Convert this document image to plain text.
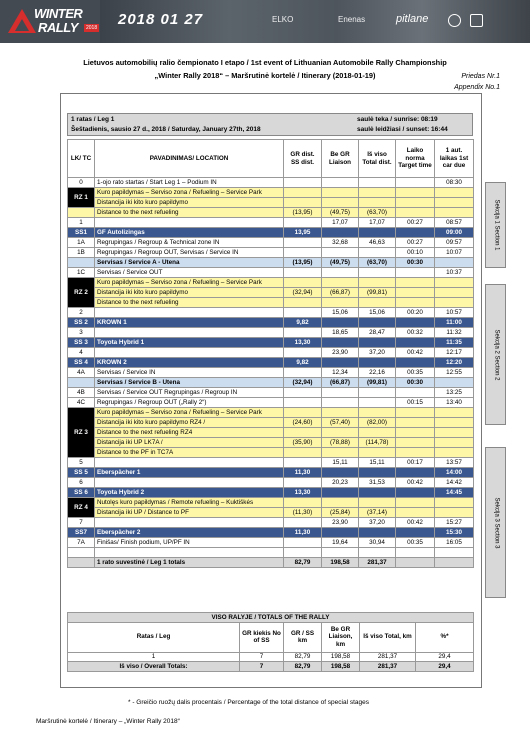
WINTER
RALLY	2018 2018 01 27	ELKO	Enenas	pitlane
Lietuvos automobilių ralio čempionato I etapo / 1st event of Lithuanian Automobile Rally Championship
„Winter Rally 2018“ – Maršrutinė kortelė / Itinerary (2018-01-19)	Priedas Nr.1
Appendix No.1
1 ratas / Leg 1
Šeštadienis, sausio 27 d., 2018 / Saturday, January 27th, 2018
saulė teka / sunrise: 08:19
saulė leidžiasi / sunset: 16:44
LK/ TC	PAVADINIMAS/ LOCATION	GR dist. SS dist.	Be GR Liaison	Iš viso Total dist.	Laiko norma Target time	1 aut. laikas 1st car due
0	1-ojo rato startas / Start Leg 1 – Podium IN					08:30
RZ 1	Kuro papildymas – Serviso zona / Refueling – Service Park					
	Distancija iki kito kuro papildymo					
	Distance to the next refueling	(13,95)	(49,75)	(63,70)		
1			17,07	17,07	00:27	08:57
SS1	GF Autolizingas	13,95				09:00
1A	Regrupingas / Regroup & Technical zone IN		32,68	46,63	00:27	09:57
1B	Regrupingas / Regroup OUT, Servisas / Service IN				00:10	10:07
	Servisas / Service A - Utena	(13,95)	(49,75)	(63,70)	00:30	
1C	Servisas / Service OUT					10:37
RZ 2	Kuro papildymas – Serviso zona / Refueling – Service Park					
	Distancija iki kito kuro papildymo	(32,94)	(66,87)	(99,81)		
	Distance to the next refueling					
2			15,06	15,06	00:20	10:57
SS 2	KROWN 1	9,82				11:00
3			18,65	28,47	00:32	11:32
SS 3	Toyota Hybrid 1	13,30				11:35
4			23,90	37,20	00:42	12:17
SS 4	KROWN 2	9,82				12:20
4A	Servisas / Service IN		12,34	22,16	00:35	12:55
	Servisas / Service B - Utena	(32,94)	(66,87)	(99,81)	00:30	
4B	Servisas / Service OUT Regrupingas / Regroup IN					13:25
4C	Regrupingas / Regroup OUT („Rally 2“)				00:15	13:40
RZ 3	Kuro papildymas – Serviso zona / Refueling – Service Park					
	Distancija iki kito kuro papildymo RZ4 /	(24,60)	(57,40)	(82,00)		
	Distance to the next refueling RZ4					
	Distancija iki UP LK7A /	(35,90)	(78,88)	(114,78)		
	Distance to the PF in TC7A					
5			15,11	15,11	00:17	13:57
SS 5	Eberspächer 1	11,30				14:00
6			20,23	31,53	00:42	14:42
SS 6	Toyota Hybrid 2	13,30				14:45
RZ 4	Nutolęs kuro papildymas / Remote refueling – Kuktiškės					
	Distancija iki UP / Distance to PF	(11,30)	(25,84)	(37,14)		
7			23,90	37,20	00:42	15:27
SS7	Eberspächer 2	11,30				15:30
7A	Finišas/ Finish podium, UP/PF IN		19,64	30,94	00:35	16:05

	1 rato suvestinė / Leg 1 totals	82,79	198,58	281,37		
VISO RALYJE / TOTALS OF THE RALLY					
Ratas / Leg	GR kiekis No of SS	GR / SS km	Be GR Liaison, km	Iš viso Total, km	%*
1	7	82,79	198,58	281,37	29,4
Iš viso / Overall Totals:	7	82,79	198,58	281,37	29,4
Sekcija 1 Section 1
Sekcija 2 Section 2
Sekcija 3 Section 3
* - Greičio ruožų dalis procentais / Percentage of the total distance of special stages
Maršrutinė kortelė / Itinerary – „Winter Rally 2018“
